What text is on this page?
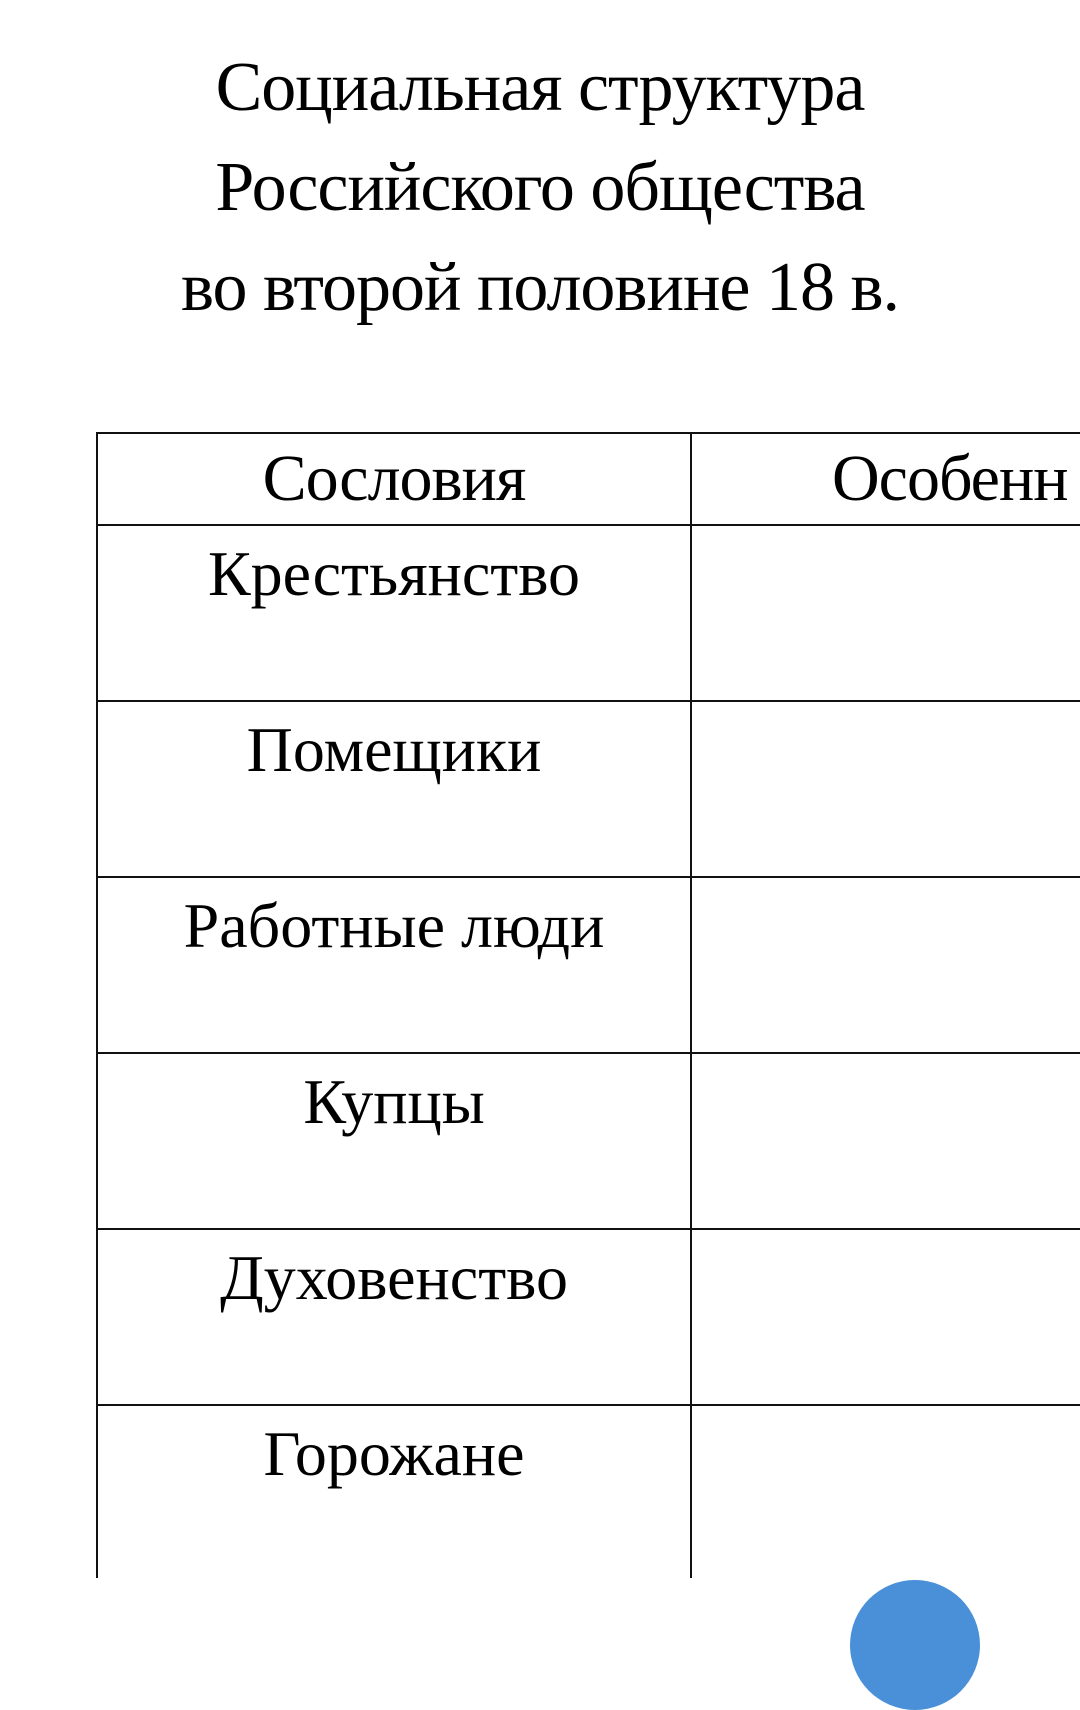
Социальная структура
Российского общества
во второй половине 18 в.
Сословия	Особенн
Крестьянство	
Помещики	
Работные люди	
Купцы	
Духовенство	
Горожане	
